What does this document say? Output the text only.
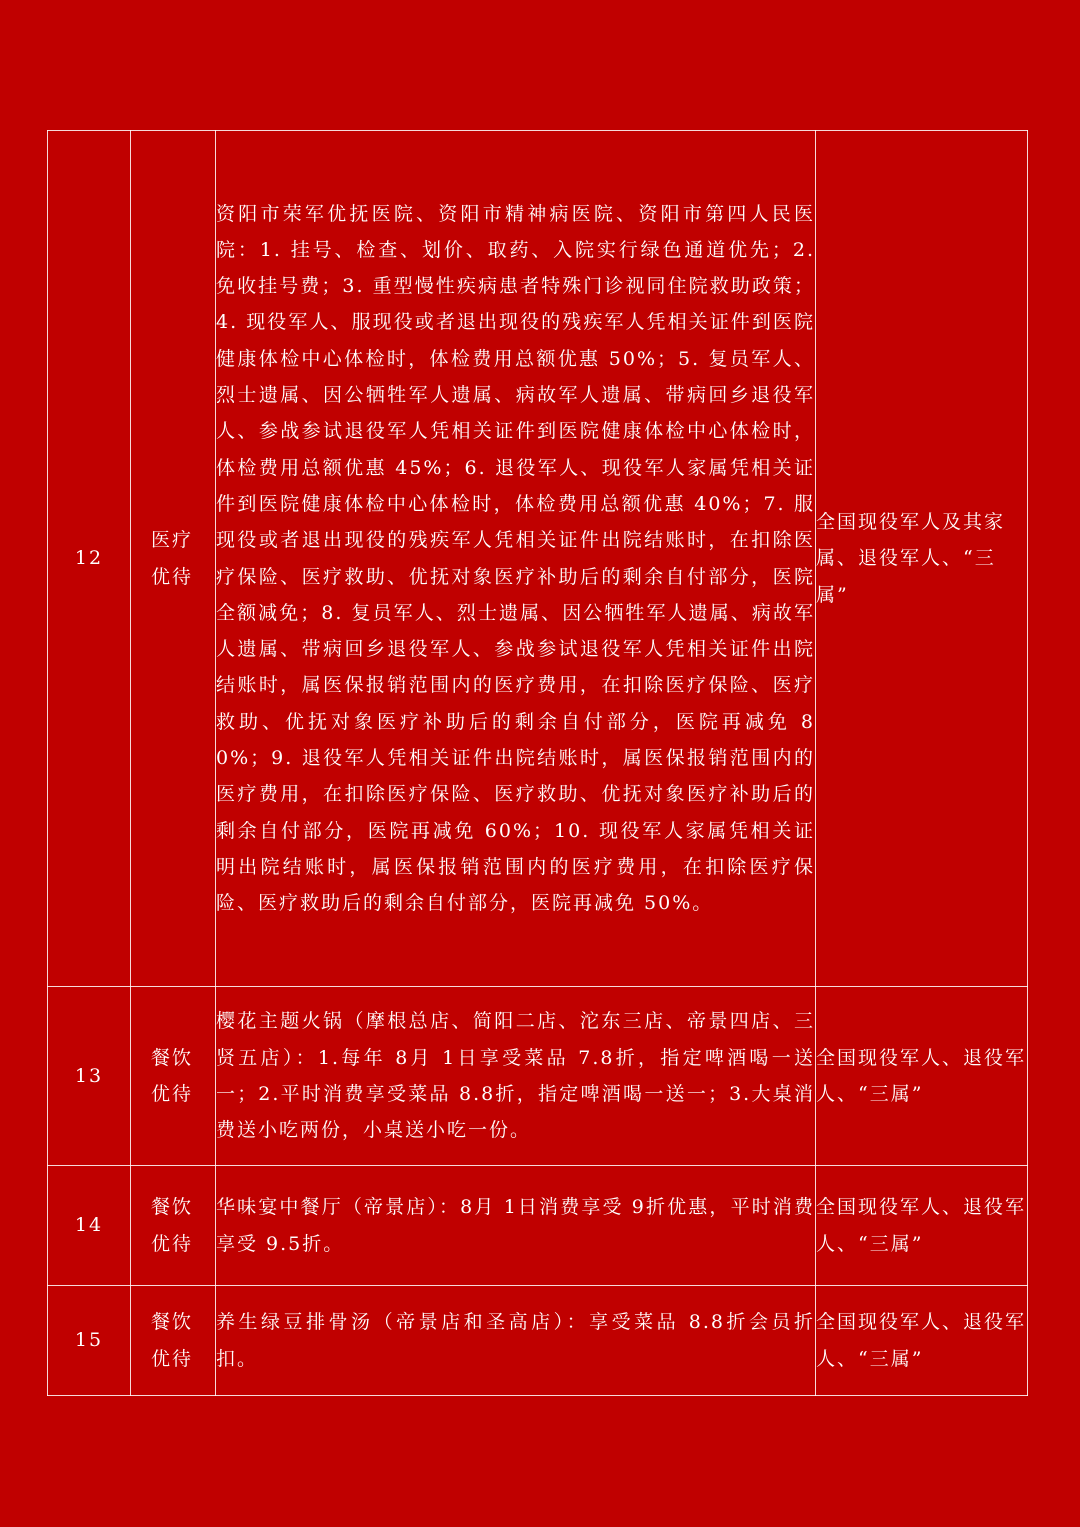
12	医疗优待	资阳市荣军优抚医院、资阳市精神病医院、资阳市第四人民医院：1. 挂号、检查、划价、取药、入院实行绿色通道优先；2. 免收挂号费；3. 重型慢性疾病患者特殊门诊视同住院救助政策；4. 现役军人、服现役或者退出现役的残疾军人凭相关证件到医院健康体检中心体检时，体检费用总额优惠 50%；5. 复员军人、烈士遗属、因公牺牲军人遗属、病故军人遗属、带病回乡退役军人、参战参试退役军人凭相关证件到医院健康体检中心体检时，体检费用总额优惠 45%；6. 退役军人、现役军人家属凭相关证件到医院健康体检中心体检时，体检费用总额优惠 40%；7. 服现役或者退出现役的残疾军人凭相关证件出院结账时，在扣除医疗保险、医疗救助、优抚对象医疗补助后的剩余自付部分，医院全额减免；8. 复员军人、烈士遗属、因公牺牲军人遗属、病故军人遗属、带病回乡退役军人、参战参试退役军人凭相关证件出院结账时，属医保报销范围内的医疗费用，在扣除医疗保险、医疗救助、优抚对象医疗补助后的剩余自付部分，医院再减免 80%；9. 退役军人凭相关证件出院结账时，属医保报销范围内的医疗费用，在扣除医疗保险、医疗救助、优抚对象医疗补助后的剩余自付部分，医院再减免 60%；10. 现役军人家属凭相关证明出院结账时，属医保报销范围内的医疗费用，在扣除医疗保险、医疗救助后的剩余自付部分，医院再减免 50%。	全国现役军人及其家属、退役军人、“三属”
13	餐饮优待	樱花主题火锅（摩根总店、简阳二店、沱东三店、帝景四店、三贤五店）：1.每年 8月 1日享受菜品 7.8折，指定啤酒喝一送一；2.平时消费享受菜品 8.8折，指定啤酒喝一送一；3.大桌消费送小吃两份，小桌送小吃一份。	全国现役军人、退役军人、“三属”
14	餐饮优待	华味宴中餐厅（帝景店）：8月 1日消费享受 9折优惠，平时消费享受 9.5折。	全国现役军人、退役军人、“三属”
15	餐饮优待	养生绿豆排骨汤（帝景店和圣高店）：享受菜品 8.8折会员折扣。	全国现役军人、退役军人、“三属”
